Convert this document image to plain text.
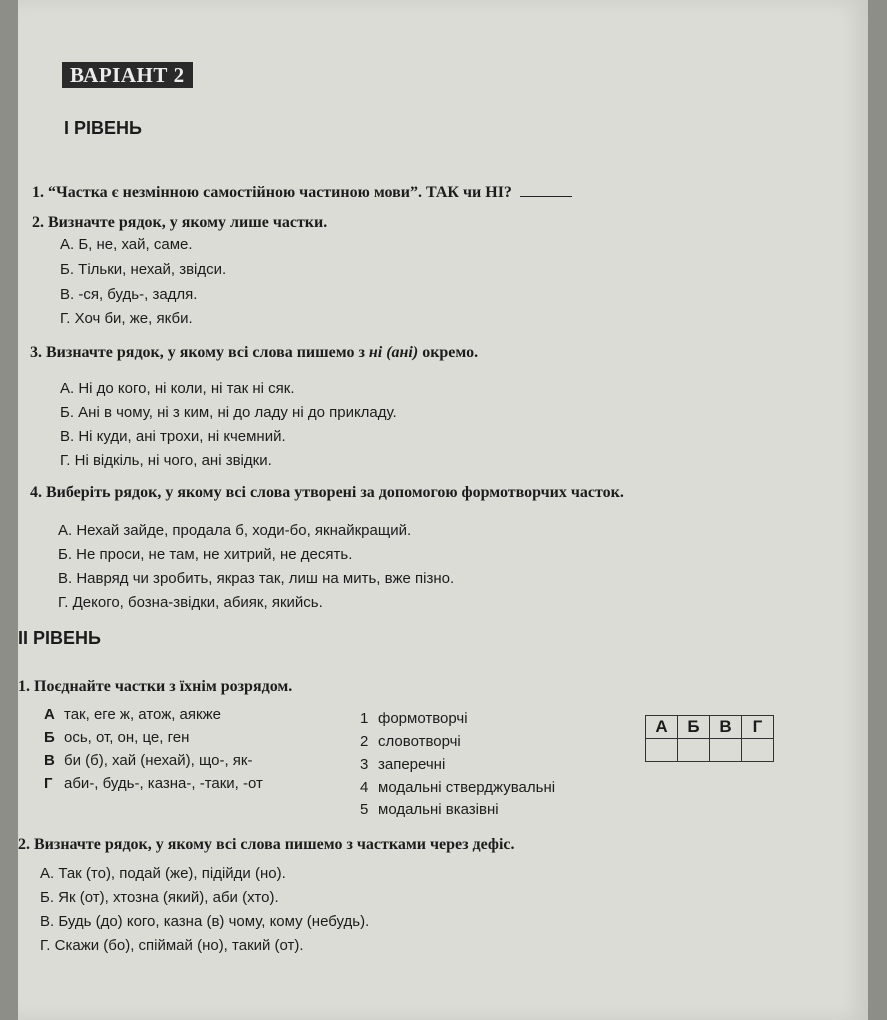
ВАРІАНТ 2
І РІВЕНЬ
1. “Частка є незмінною самостійною частиною мови”. ТАК чи НІ?
2. Визначте рядок, у якому лише частки.
А. Б, не, хай, саме.
Б. Тільки, нехай, звідси.
В. -ся, будь-, задля.
Г. Хоч би, же, якби.
3. Визначте рядок, у якому всі слова пишемо з ні (ані) окремо.
А. Ні до кого, ні коли, ні так ні сяк.
Б. Ані в чому, ні з ким, ні до ладу ні до прикладу.
В. Ні куди, ані трохи, ні кчемний.
Г. Ні відкіль, ні чого, ані звідки.
4. Виберіть рядок, у якому всі слова утворені за допомогою формотворчих часток.
А. Нехай зайде, продала б, ходи-бо, якнайкращий.
Б. Не проси, не там, не хитрий, не десять.
В. Навряд чи зробить, якраз так, лиш на мить, вже пізно.
Г. Декого, бозна-звідки, абияк, якийсь.
ІІ РІВЕНЬ
1. Поєднайте частки з їхнім розрядом.
А так, еге ж, атож, аякже
Б ось, от, он, це, ген
В би (б), хай (нехай), що-, як-
Г аби-, будь-, казна-, -таки, -от
1 формотворчі
2 словотворчі
3 заперечні
4 модальні стверджувальні
5 модальні вказівні
А	Б	В	Г

2. Визначте рядок, у якому всі слова пишемо з частками через дефіс.
А. Так (то), подай (же), підійди (но).
Б. Як (от), хтозна (який), аби (хто).
В. Будь (до) кого, казна (в) чому, кому (небудь).
Г. Скажи (бо), спіймай (но), такий (от).
